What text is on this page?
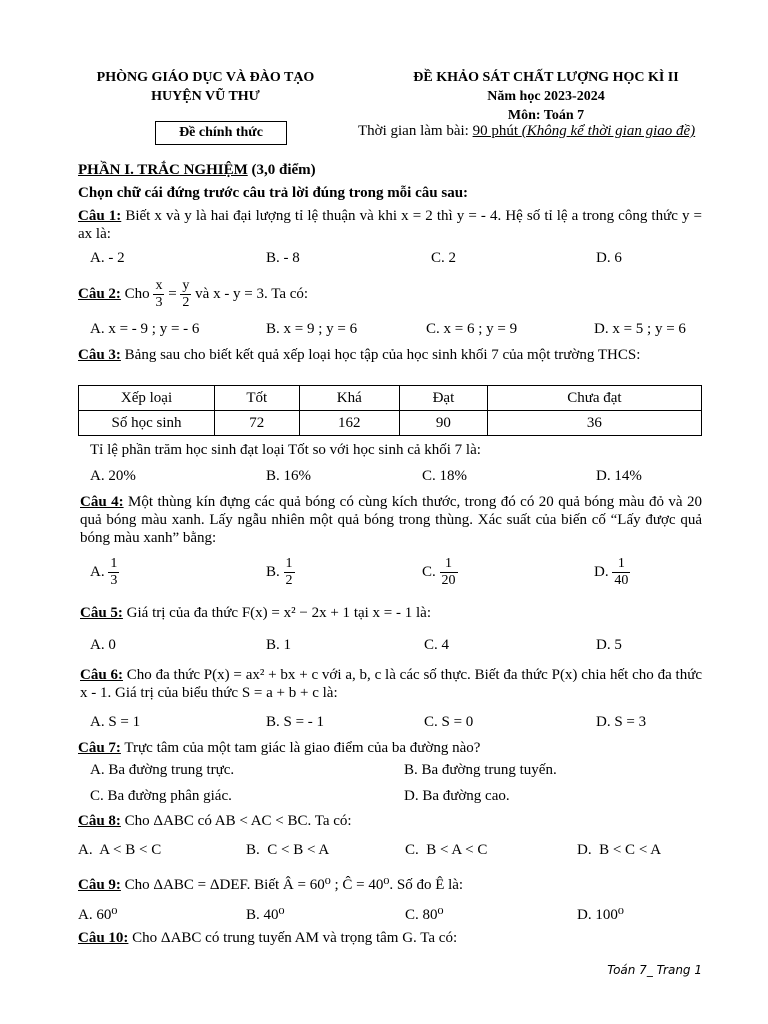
PHÒNG GIÁO DỤC VÀ ĐÀO TẠO
HUYỆN VŨ THƯ
Đề chính thức
ĐỀ KHẢO SÁT CHẤT LƯỢNG HỌC KÌ II
Năm học 2023-2024
Môn: Toán 7
Thời gian làm bài: 90 phút (Không kể thời gian giao đề)
PHẦN I. TRẮC NGHIỆM (3,0 điểm)
Chọn chữ cái đứng trước câu trả lời đúng trong mỗi câu sau:
Câu 1: Biết x và y là hai đại lượng tỉ lệ thuận và khi x = 2 thì y = - 4. Hệ số tỉ lệ a trong công thức y = ax là:
A. - 2	B. - 8	C. 2	D. 6
Câu 2: Cho $\frac{x}{3} = \frac{y}{2}$ và x - y = 3. Ta có:
A. x = - 9 ; y = - 6	B. x = 9 ; y = 6	C. x = 6 ; y = 9	D. x = 5 ; y = 6
Câu 3: Bảng sau cho biết kết quả xếp loại học tập của học sinh khối 7 của một trường THCS:
Xếp loại	Tốt	Khá	Đạt	Chưa đạt
Số học sinh	72	162	90	36
Tỉ lệ phần trăm học sinh đạt loại Tốt so với học sinh cả khối 7 là:
A. 20%	B. 16%	C. 18%	D. 14%
Câu 4: Một thùng kín đựng các quả bóng có cùng kích thước, trong đó có 20 quả bóng màu đỏ và 20 quả bóng màu xanh. Lấy ngẫu nhiên một quả bóng trong thùng. Xác suất của biến cố “Lấy được quả bóng màu xanh” bằng:
A. $\frac{1}{3}$	B. $\frac{1}{2}$	C. $\frac{1}{20}$	D. $\frac{1}{40}$
Câu 5: Giá trị của đa thức F(x) = x² − 2x + 1 tại x = - 1 là:
A. 0	B. 1	C. 4	D. 5
Câu 6: Cho đa thức P(x) = ax² + bx + c với a, b, c là các số thực. Biết đa thức P(x) chia hết cho đa thức x - 1. Giá trị của biểu thức S = a + b + c là:
A. S = 1	B. S = - 1	C. S = 0	D. S = 3
Câu 7: Trực tâm của một tam giác là giao điểm của ba đường nào?
A. Ba đường trung trực.	B. Ba đường trung tuyến.
C. Ba đường phân giác.	D. Ba đường cao.
Câu 8: Cho ΔABC có AB < AC < BC. Ta có:
A. A < B < C	B. C < B < A	C. B < A < C	D. B < C < A
Câu 9: Cho ΔABC = ΔDEF. Biết Â = 60⁰ ; Ĉ = 40⁰. Số đo Ê là:
A. 60⁰	B. 40⁰	C. 80⁰	D. 100⁰
Câu 10: Cho ΔABC có trung tuyến AM và trọng tâm G. Ta có:
Toán 7_ Trang 1
